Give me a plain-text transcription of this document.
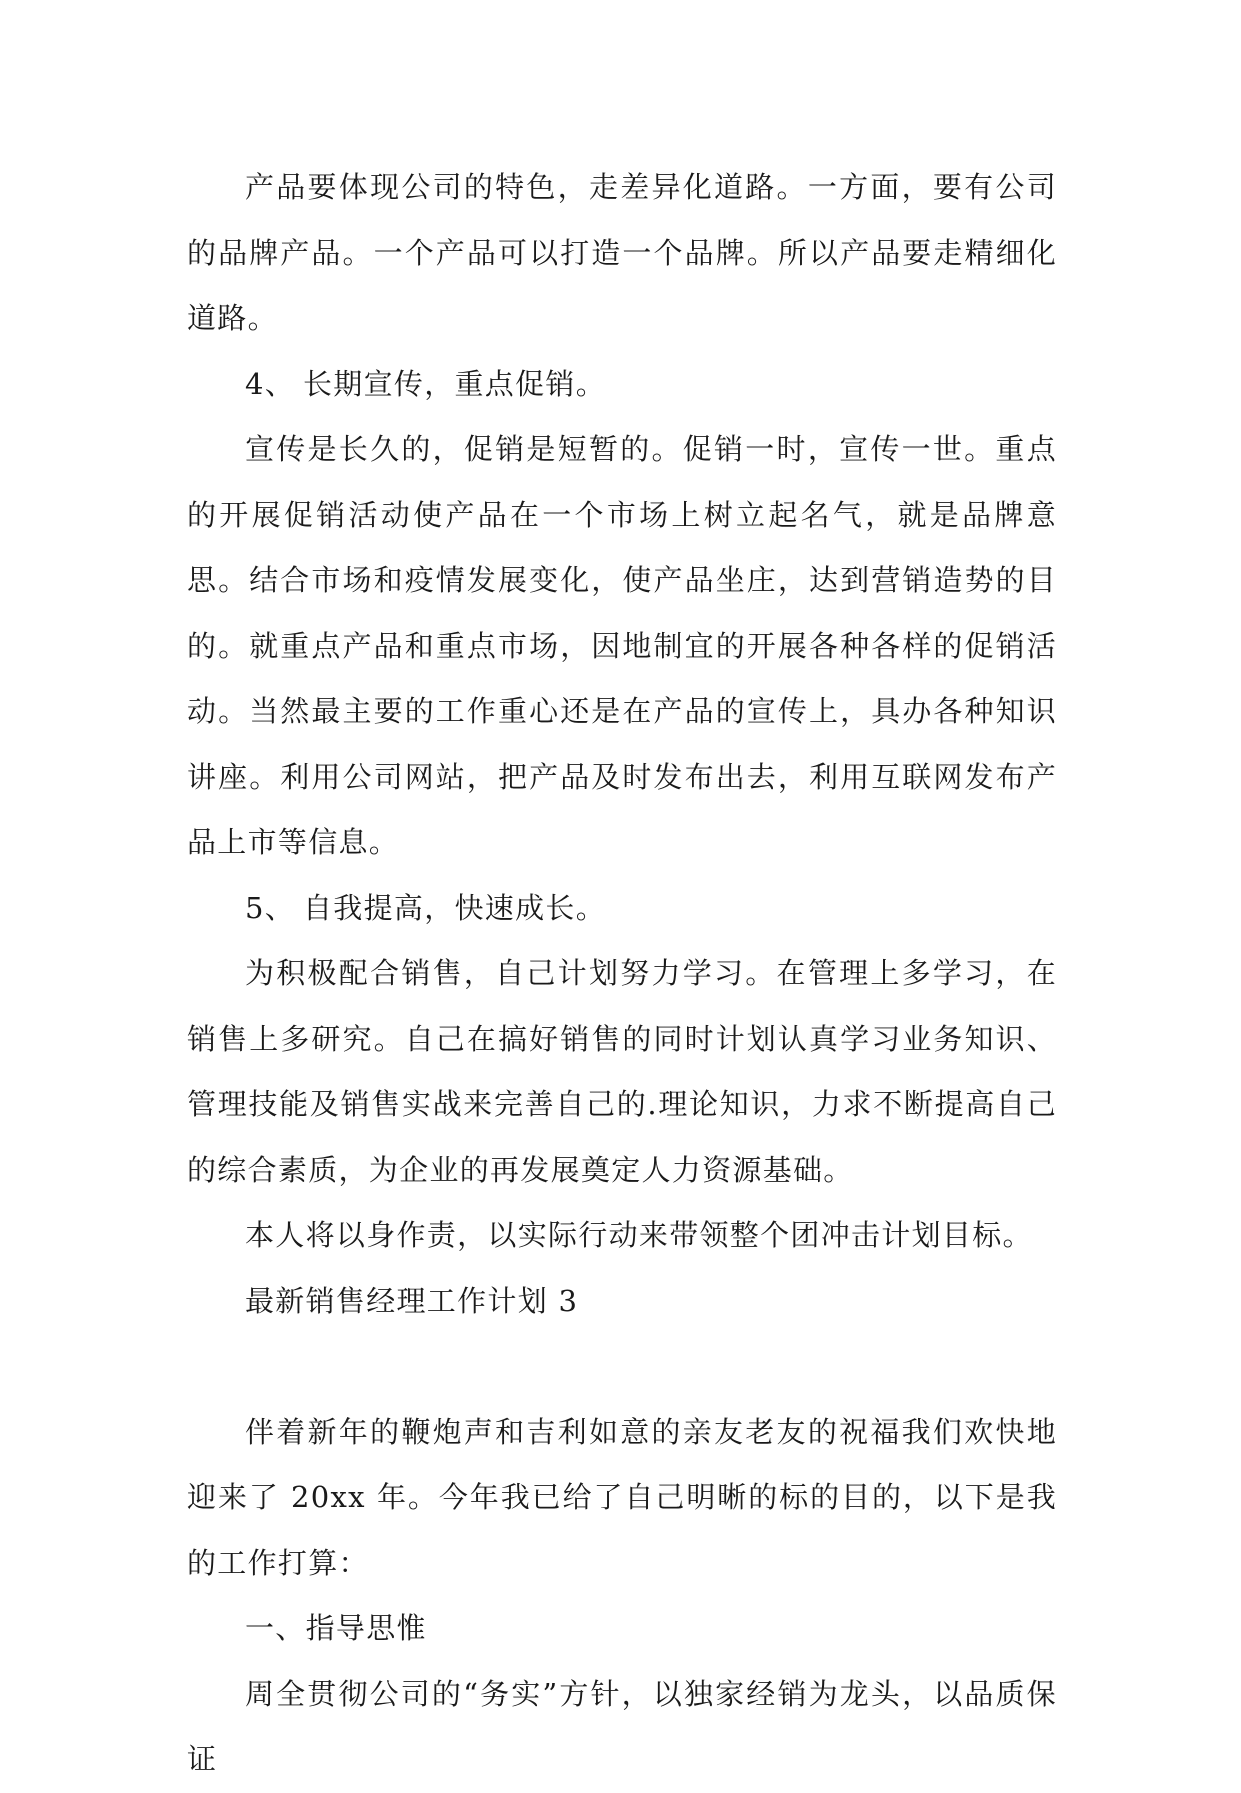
产品要体现公司的特色，走差异化道路。一方面，要有公司的品牌产品。一个产品可以打造一个品牌。所以产品要走精细化道路。

4、 长期宣传，重点促销。

宣传是长久的，促销是短暂的。促销一时，宣传一世。重点的开展促销活动使产品在一个市场上树立起名气，就是品牌意思。结合市场和疫情发展变化，使产品坐庄，达到营销造势的目的。就重点产品和重点市场，因地制宜的开展各种各样的促销活动。当然最主要的工作重心还是在产品的宣传上，具办各种知识讲座。利用公司网站，把产品及时发布出去，利用互联网发布产品上市等信息。

5、 自我提高，快速成长。

为积极配合销售，自己计划努力学习。在管理上多学习，在销售上多研究。自己在搞好销售的同时计划认真学习业务知识、管理技能及销售实战来完善自己的.理论知识，力求不断提高自己的综合素质，为企业的再发展奠定人力资源基础。

本人将以身作责，以实际行动来带领整个团冲击计划目标。

最新销售经理工作计划 3

伴着新年的鞭炮声和吉利如意的亲友老友的祝福我们欢快地迎来了 20xx 年。今年我已给了自己明晰的标的目的，以下是我的工作打算：

一、指导思惟

周全贯彻公司的“务实”方针，以独家经销为龙头，以品质保证
